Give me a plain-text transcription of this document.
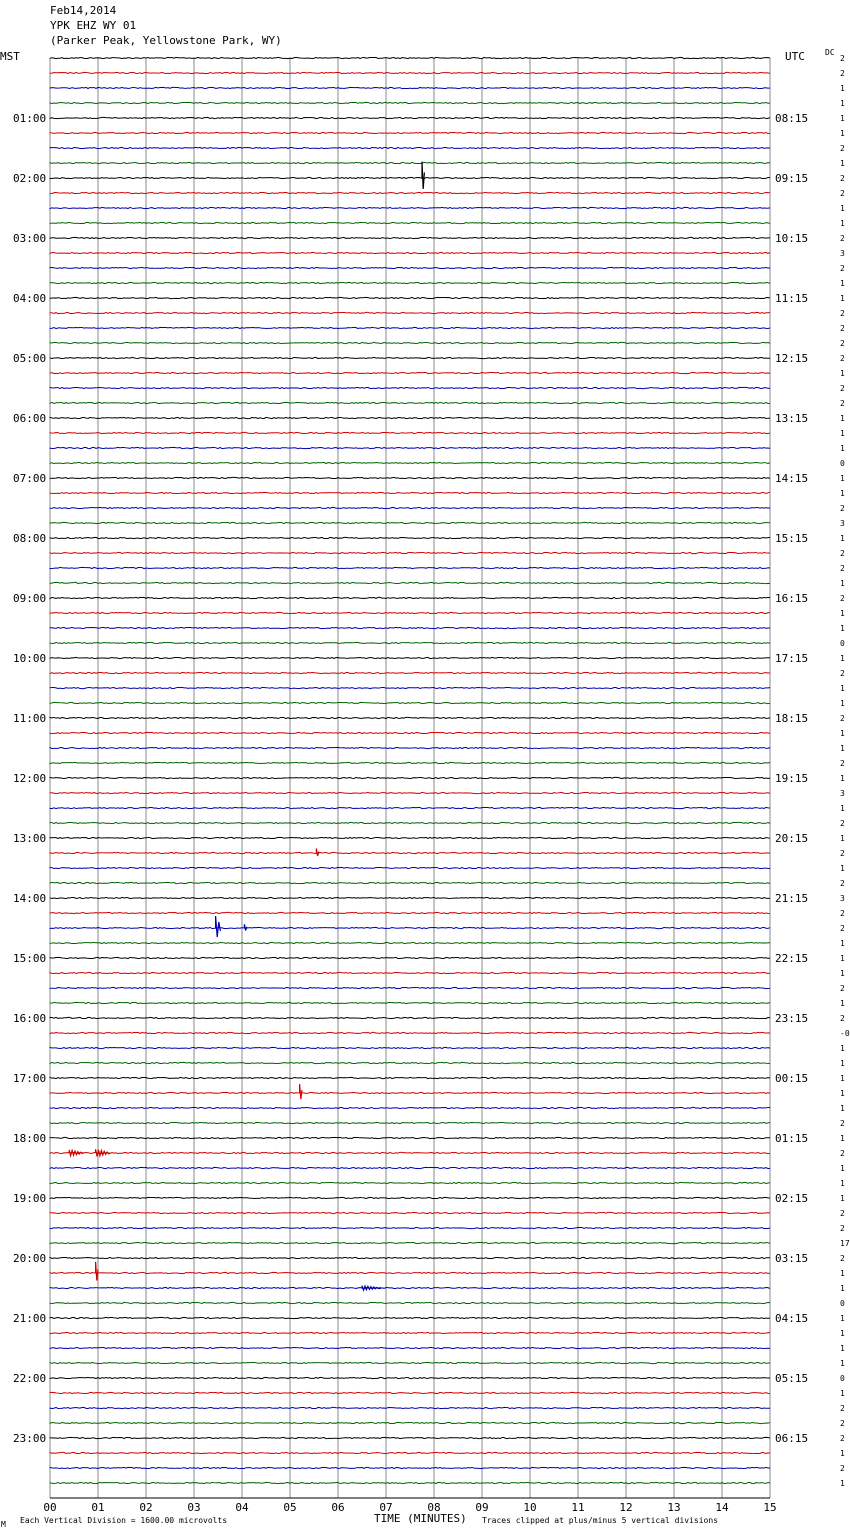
Feb14,2014
YPK EHZ WY 01
(Parker Peak, Yellowstone Park, WY)
MST	UTC	DC
2
2
1
1
1
1
2
1
2
2
1
1
2
3
2
1
1
2
2
2
2
1
2
2
1
1
1
0
1
1
2
3
1
2
2
1
2
1
1
0
1
2
1
1
2
1
1
2
1
3
1
2
1
2
1
2
3
2
2
1
1
1
2
1
2
-0
1
1
1
1
1
2
1
2
1
1
1
2
2
17
2
1
1
0
1
1
1
1
0
1
2
2
2
1
2
1
01:00
02:00
03:00
04:00
05:00
06:00
07:00
08:00
09:00
10:00
11:00
12:00
13:00
14:00
15:00
16:00
17:00
18:00
19:00
20:00
21:00
22:00
23:00
08:15
09:15
10:15
11:15
12:15
13:15
14:15
15:15
16:15
17:15
18:15
19:15
20:15
21:15
22:15
23:15
00:15
01:15
02:15
03:15
04:15
05:15
06:15
00	01	02	03	04	05	06	07	08	09	10	11	12	13	14	15
Each Vertical Division = 1600.00 microvolts	TIME (MINUTES) Traces clipped at plus/minus 5 vertical divisions
M
